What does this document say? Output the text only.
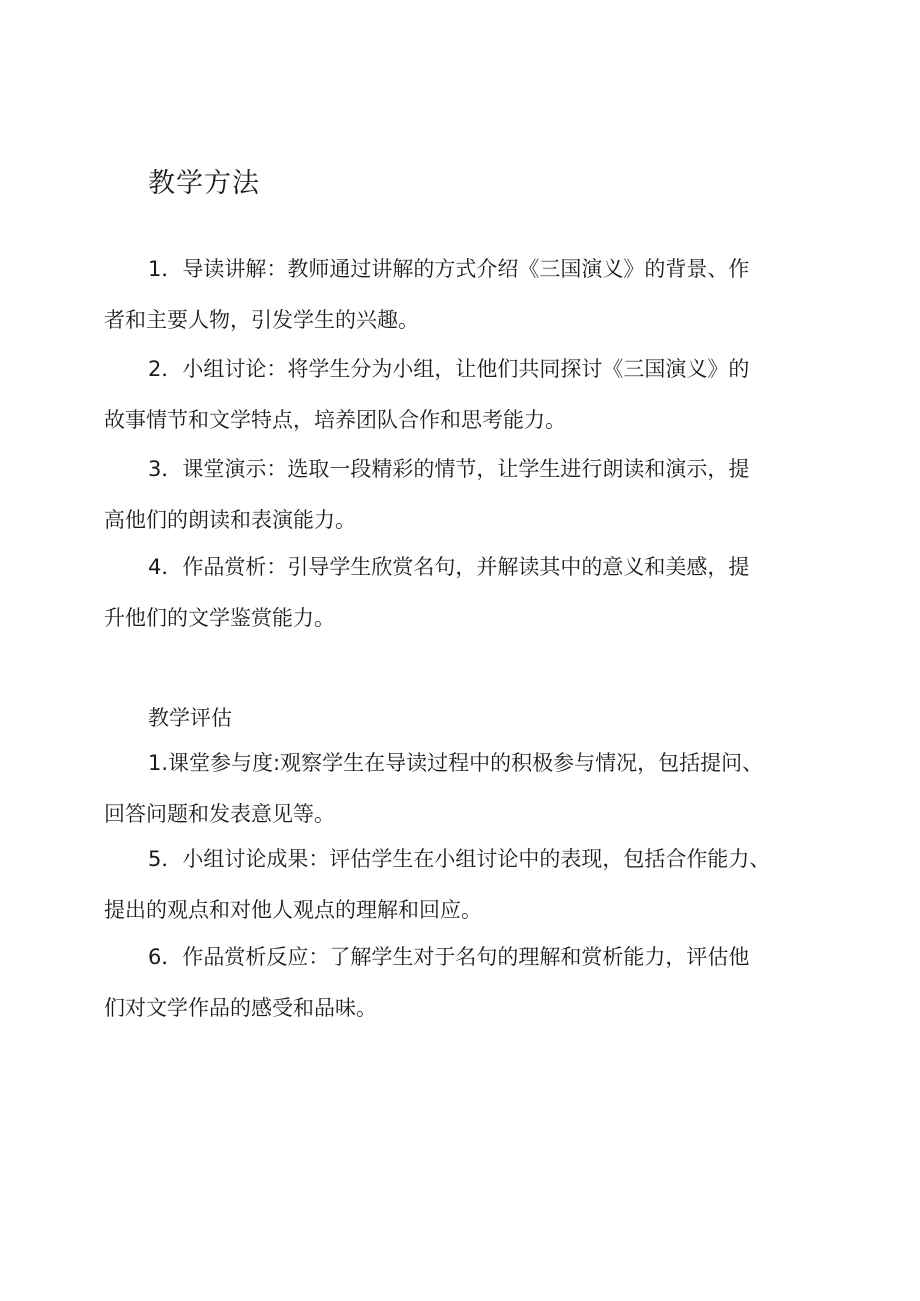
教学方法
1．导读讲解：教师通过讲解的方式介绍《三国演义》的背景、作
者和主要人物，引发学生的兴趣。
2．小组讨论：将学生分为小组，让他们共同探讨《三国演义》的
故事情节和文学特点，培养团队合作和思考能力。
3．课堂演示：选取一段精彩的情节，让学生进行朗读和演示，提
高他们的朗读和表演能力。
4．作品赏析：引导学生欣赏名句，并解读其中的意义和美感，提
升他们的文学鉴赏能力。
教学评估
1.课堂参与度:观察学生在导读过程中的积极参与情况，包括提问、
回答问题和发表意见等。
5．小组讨论成果：评估学生在小组讨论中的表现，包括合作能力、
提出的观点和对他人观点的理解和回应。
6．作品赏析反应：了解学生对于名句的理解和赏析能力，评估他
们对文学作品的感受和品味。
